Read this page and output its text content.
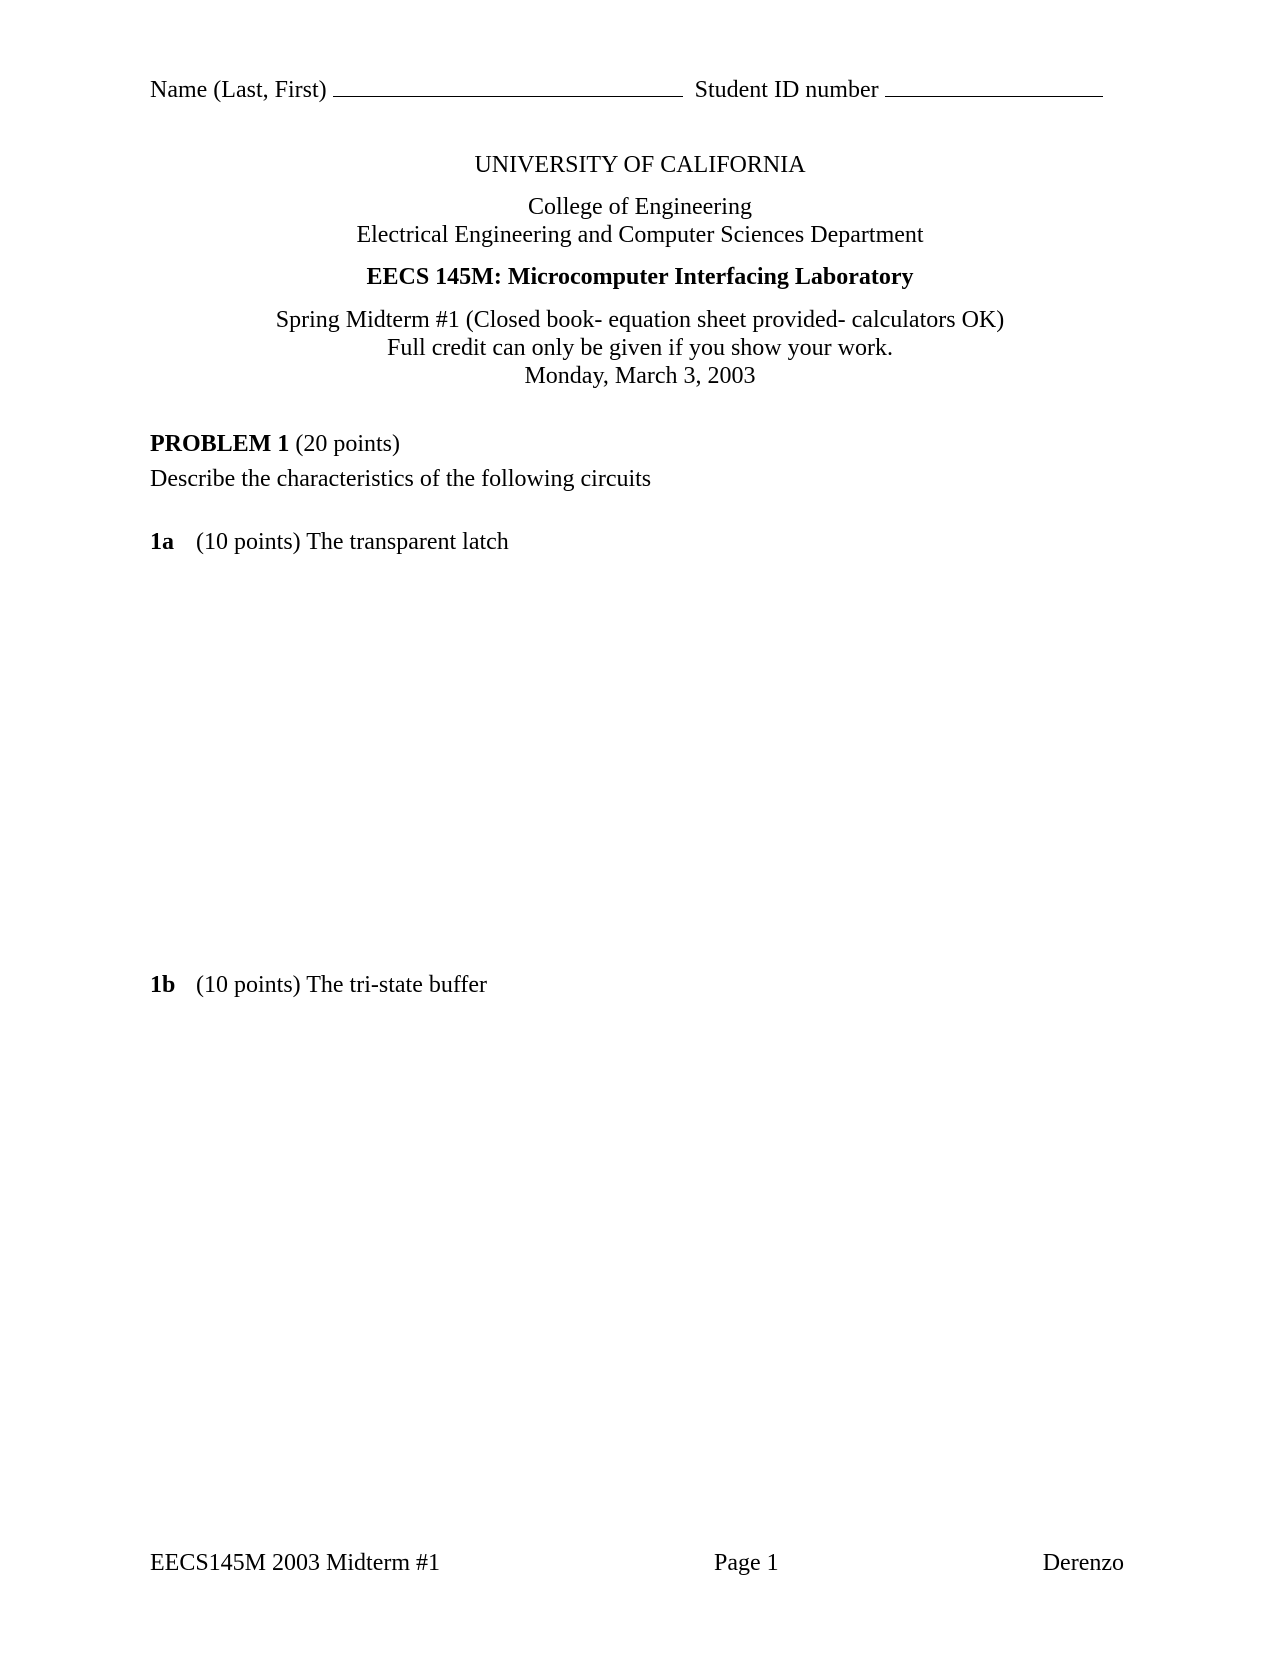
Name (Last, First)	Student ID number
UNIVERSITY OF CALIFORNIA
College of Engineering
Electrical Engineering and Computer Sciences Department
EECS 145M: Microcomputer Interfacing Laboratory
Spring Midterm #1 (Closed book- equation sheet provided- calculators OK)
Full credit can only be given if you show your work.
Monday, March 3, 2003
PROBLEM 1 (20 points)
Describe the characteristics of the following circuits
1a (10 points) The transparent latch
1b (10 points) The tri-state buffer
EECS145M 2003 Midterm #1	Page 1	Derenzo
